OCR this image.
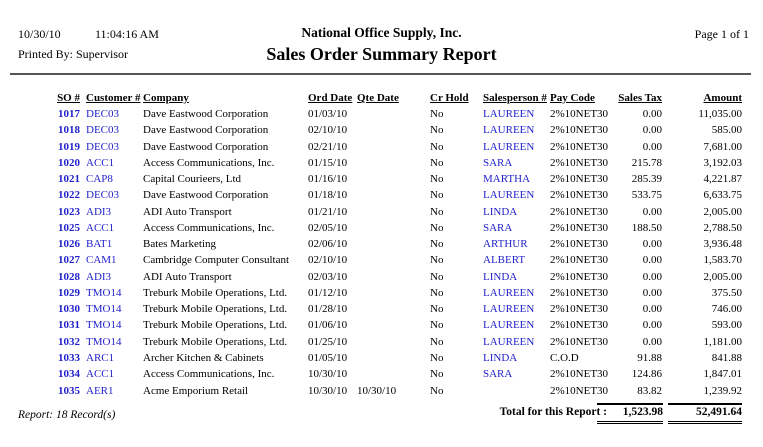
10/30/10	11:04:16 AM	National Office Supply, Inc.	Page 1 of 1
Printed By: Supervisor	Sales Order Summary Report
SO # Customer # Company	Ord Date Qte Date	Cr Hold	Salesperson # Pay Code	Sales Tax	Amount
1017 DEC03	Dave Eastwood Corporation	01/03/10	No	LAUREEN	2%10NET30	0.00	11,035.00
1018 DEC03	Dave Eastwood Corporation	02/10/10	No	LAUREEN	2%10NET30	0.00	585.00
1019 DEC03	Dave Eastwood Corporation	02/21/10	No	LAUREEN	2%10NET30	0.00	7,681.00
1020 ACC1	Access Communications, Inc.	01/15/10	No	SARA	2%10NET30	215.78	3,192.03
1021 CAP8	Capital Courieers, Ltd	01/16/10	No	MARTHA	2%10NET30	285.39	4,221.87
1022 DEC03	Dave Eastwood Corporation	01/18/10	No	LAUREEN	2%10NET30	533.75	6,633.75
1023 ADI3	ADI Auto Transport	01/21/10	No	LINDA	2%10NET30	0.00	2,005.00
1025 ACC1	Access Communications, Inc.	02/05/10	No	SARA	2%10NET30	188.50	2,788.50
1026 BAT1	Bates Marketing	02/06/10	No	ARTHUR	2%10NET30	0.00	3,936.48
1027 CAM1	Cambridge Computer Consultant	02/10/10	No	ALBERT	2%10NET30	0.00	1,583.70
1028 ADI3	ADI Auto Transport	02/03/10	No	LINDA	2%10NET30	0.00	2,005.00
1029 TMO14	Treburk Mobile Operations, Ltd.	01/12/10	No	LAUREEN	2%10NET30	0.00	375.50
1030 TMO14	Treburk Mobile Operations, Ltd.	01/28/10	No	LAUREEN	2%10NET30	0.00	746.00
1031 TMO14	Treburk Mobile Operations, Ltd.	01/06/10	No	LAUREEN	2%10NET30	0.00	593.00
1032 TMO14	Treburk Mobile Operations, Ltd.	01/25/10	No	LAUREEN	2%10NET30	0.00	1,181.00
1033 ARC1	Archer Kitchen & Cabinets	01/05/10	No	LINDA	C.O.D	91.88	841.88
1034 ACC1	Access Communications, Inc.	10/30/10	No	SARA	2%10NET30	124.86	1,847.01
1035 AER1	Acme Emporium Retail	10/30/10 10/30/10	No	2%10NET30	83.82	1,239.92
Total for this Report :	1,523.98	52,491.64
Report: 18 Record(s)
